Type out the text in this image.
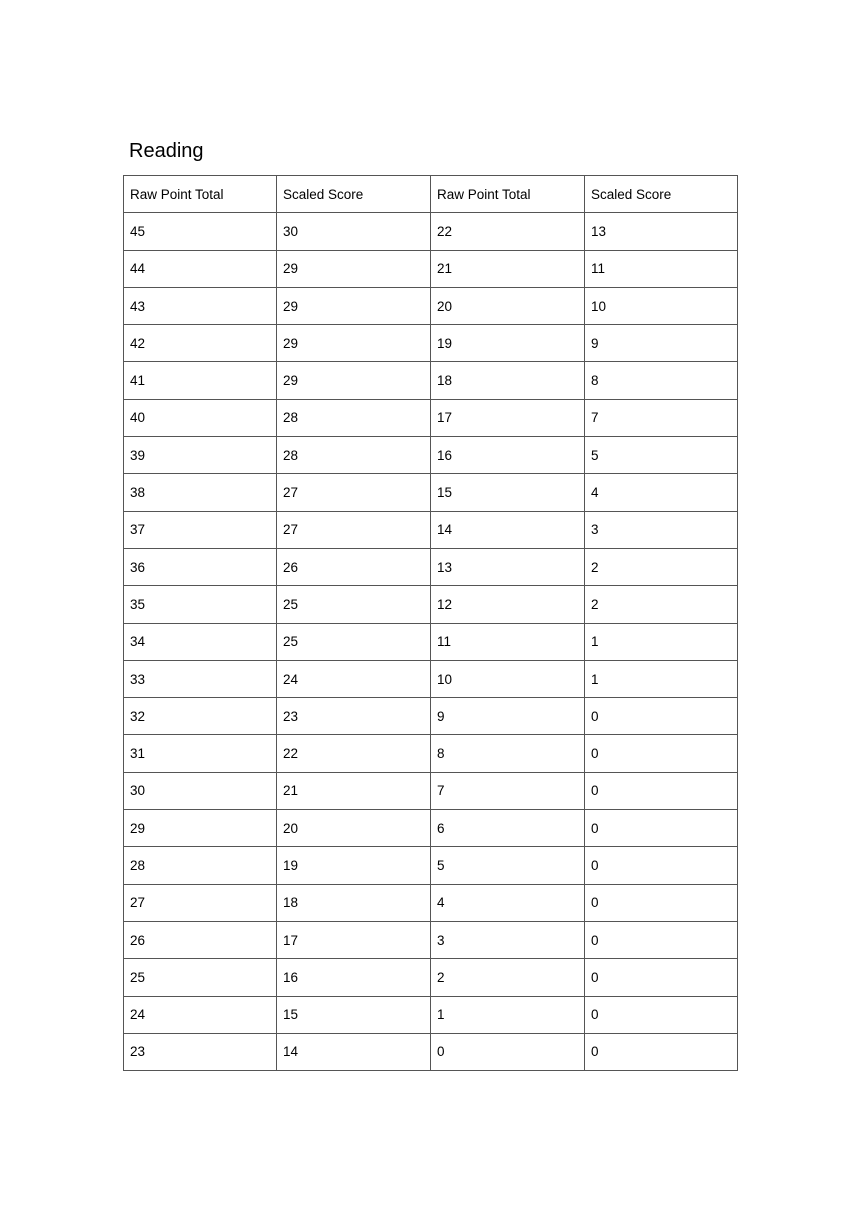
Reading
Raw Point Total	Scaled Score	Raw Point Total	Scaled Score
45	30	22	13
44	29	21	11
43	29	20	10
42	29	19	9
41	29	18	8
40	28	17	7
39	28	16	5
38	27	15	4
37	27	14	3
36	26	13	2
35	25	12	2
34	25	11	1
33	24	10	1
32	23	9	0
31	22	8	0
30	21	7	0
29	20	6	0
28	19	5	0
27	18	4	0
26	17	3	0
25	16	2	0
24	15	1	0
23	14	0	0
